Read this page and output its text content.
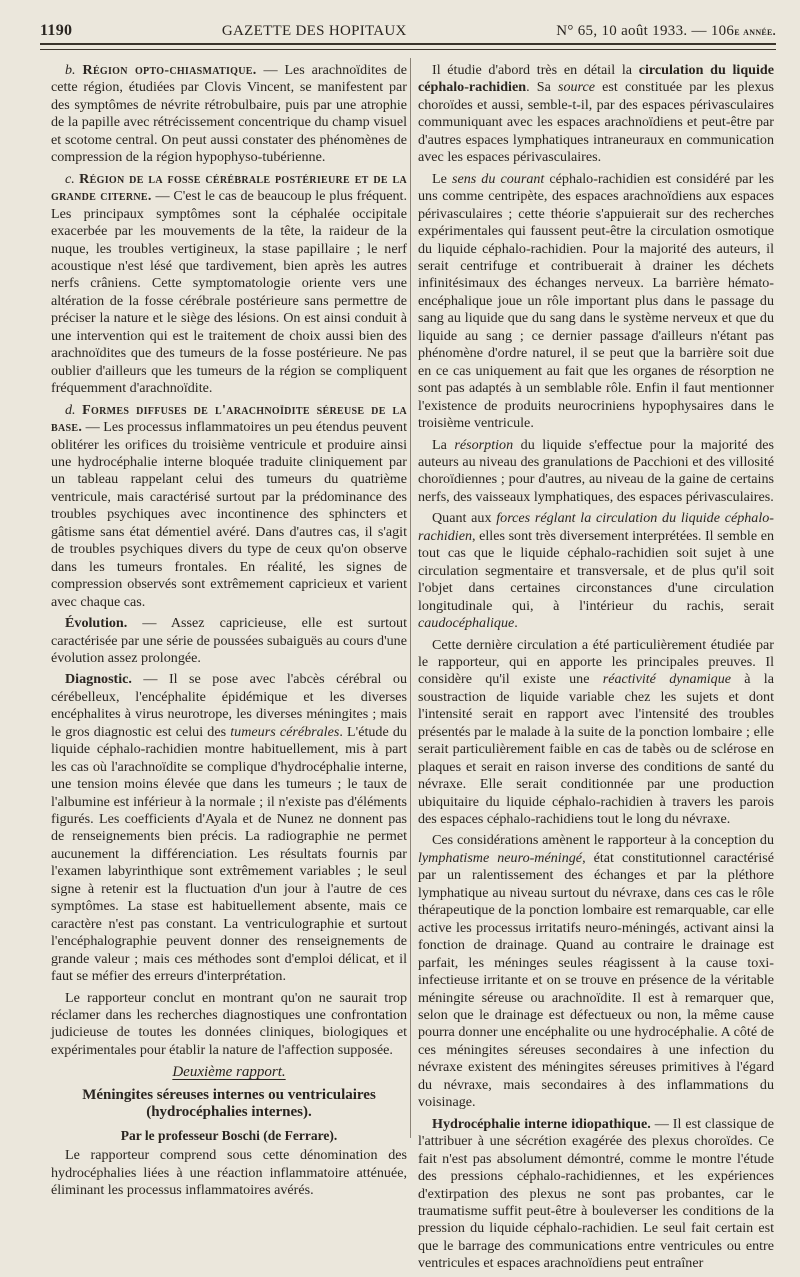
1190	GAZETTE DES HOPITAUX	N° 65, 10 août 1933. — 106e année.

b. Région opto-chiasmatique. — Les arachnoïdites de cette région, étudiées par Clovis Vincent, se manifestent par des symptômes de névrite rétrobulbaire, puis par une atrophie de la papille avec rétrécissement concentrique du champ visuel et scotome central. On peut aussi constater des phénomènes de compression de la région hypophyso-tubérienne.

c. Région de la fosse cérébrale postérieure et de la grande citerne. — C'est le cas de beaucoup le plus fréquent. Les principaux symptômes sont la céphalée occipitale exacerbée par les mouvements de la tête, la raideur de la nuque, les troubles vertigineux, la stase papillaire ; le nerf acoustique n'est lésé que tardivement, bien après les autres nerfs crâniens. Cette symptomatologie oriente vers une altération de la fosse cérébrale postérieure sans permettre de préciser la nature et le siège des lésions. On est ainsi conduit à une intervention qui est le traitement de choix aussi bien des arachnoïdites que des tumeurs de la fosse postérieure. Ne pas oublier d'ailleurs que les tumeurs de la région se compliquent fréquemment d'arachnoïdite.

d. Formes diffuses de l'arachnoïdite séreuse de la base. — Les processus inflammatoires un peu étendus peuvent oblitérer les orifices du troisième ventricule et produire ainsi une hydrocéphalie interne bloquée traduite cliniquement par un tableau rappelant celui des tumeurs du quatrième ventricule, mais caractérisé surtout par la prédominance des troubles psychiques avec incontinence des sphincters et gâtisme sans état démentiel avéré. Dans d'autres cas, il s'agit de troubles psychiques divers du type de ceux qu'on observe dans les tumeurs frontales. En réalité, les signes de compression observés sont extrêmement capricieux et varient avec chaque cas.

Évolution. — Assez capricieuse, elle est surtout caractérisée par une série de poussées subaiguës au cours d'une évolution assez prolongée.

Diagnostic. — Il se pose avec l'abcès cérébral ou cérébelleux, l'encéphalite épidémique et les diverses encéphalites à virus neurotrope, les diverses méningites ; mais le gros diagnostic est celui des tumeurs cérébrales. L'étude du liquide céphalo-rachidien montre habituellement, mis à part les cas où l'arachnoïdite se complique d'hydrocéphalie interne, une tension moins élevée que dans les tumeurs ; le taux de l'albumine est inférieur à la normale ; il n'existe pas d'éléments figurés. Les coefficients d'Ayala et de Nunez ne donnent pas de renseignements bien précis. La radiographie ne permet aucunement la différenciation. Les résultats fournis par l'examen labyrinthique sont extrêmement variables ; le seul signe à retenir est la fluctuation d'un jour à l'autre de ces symptômes. La stase est habituellement absente, mais ce caractère n'est pas constant. La ventriculographie et surtout l'encéphalographie peuvent donner des renseignements de grande valeur ; mais ces méthodes sont d'emploi délicat, et il faut se méfier des erreurs d'interprétation.

Le rapporteur conclut en montrant qu'on ne saurait trop réclamer dans les recherches diagnostiques une confrontation judicieuse de toutes les données cliniques, biologiques et expérimentales pour établir la nature de l'affection supposée.

Deuxième rapport.

Méningites séreuses internes ou ventriculaires
(hydrocéphalies internes).

Par le professeur Boschi (de Ferrare).

Le rapporteur comprend sous cette dénomination des hydrocéphalies liées à une réaction inflammatoire atténuée, éliminant les processus inflammatoires avérés.

Il étudie d'abord très en détail la circulation du liquide céphalo-rachidien. Sa source est constituée par les plexus choroïdes et aussi, semble-t-il, par des espaces périvasculaires communiquant avec les espaces arachnoïdiens et peut-être par d'autres espaces lymphatiques intraneuraux en communication avec les espaces périvasculaires.

Le sens du courant céphalo-rachidien est considéré par les uns comme centripète, des espaces arachnoïdiens aux espaces périvasculaires ; cette théorie s'appuierait sur des recherches expérimentales qui faussent peut-être la circulation osmotique du liquide céphalo-rachidien. Pour la majorité des auteurs, il serait centrifuge et contribuerait à drainer les déchets infinitésimaux des échanges nerveux. La barrière hémato-encéphalique joue un rôle important plus dans le passage du sang au liquide que du sang dans le système nerveux et que du liquide au sang ; ce dernier passage d'ailleurs n'étant pas phénomène d'ordre naturel, il se peut que la barrière soit due en ce cas uniquement au fait que les organes de résorption ne sont pas adaptés à un semblable rôle. Enfin il faut mentionner l'existence de produits neurocriniens hypophysaires dans le troisième ventricule.

La résorption du liquide s'effectue pour la majorité des auteurs au niveau des granulations de Pacchioni et des villosité choroïdiennes ; pour d'autres, au niveau de la gaine de certains nerfs, des vaisseaux lymphatiques, des espaces périvasculaires.

Quant aux forces réglant la circulation du liquide céphalo-rachidien, elles sont très diversement interprétées. Il semble en tout cas que le liquide céphalo-rachidien soit sujet à une circulation segmentaire et transversale, et de plus qu'il soit l'objet dans certaines circonstances d'une circulation longitudinale qui, à l'intérieur du rachis, serait caudocéphalique.

Cette dernière circulation a été particulièrement étudiée par le rapporteur, qui en apporte les principales preuves. Il considère qu'il existe une réactivité dynamique à la soustraction de liquide variable chez les sujets et dont l'intensité serait en rapport avec l'intensité des troubles présentés par le malade à la suite de la ponction lombaire ; elle serait particulièrement faible en cas de tabès ou de sclérose en plaques et serait en raison inverse des conditions de santé du névraxe. Elle serait conditionnée par une production ubiquitaire du liquide céphalo-rachidien à travers les parois des espaces céphalo-rachidiens tout le long du névraxe.

Ces considérations amènent le rapporteur à la conception du lymphatisme neuro-méningé, état constitutionnel caractérisé par un ralentissement des échanges et par la pléthore lymphatique au niveau surtout du névraxe, dans ces cas le rôle thérapeutique de la ponction lombaire est remarquable, car elle active les processus irritatifs neuro-méningés, activant ainsi la fonction de drainage. Quand au contraire le drainage est parfait, les méninges seules réagissent à la cause toxi-infectieuse irritante et on se trouve en présence de la véritable méningite séreuse ou arachnoïdite. Il est à remarquer que, selon que le drainage est défectueux ou non, la même cause pourra donner une encéphalite ou une hydrocéphalie. A côté de ces méningites séreuses secondaires à une infection du névraxe existent des méningites séreuses primitives à l'égard du névraxe, mais secondaires à des inflammations du voisinage.

Hydrocéphalie interne idiopathique. — Il est classique de l'attribuer à une sécrétion exagérée des plexus choroïdes. Ce fait n'est pas absolument démontré, comme le montre l'étude des pressions céphalo-rachidiennes, et les expériences d'extirpation des plexus ne sont pas probantes, car le traumatisme suffit peut-être à bouleverser les conditions de la pression du liquide céphalo-rachidien. Le seul fait certain est que le barrage des communications entre ventricules ou entre ventricules et espaces arachnoïdiens peut entraîner
